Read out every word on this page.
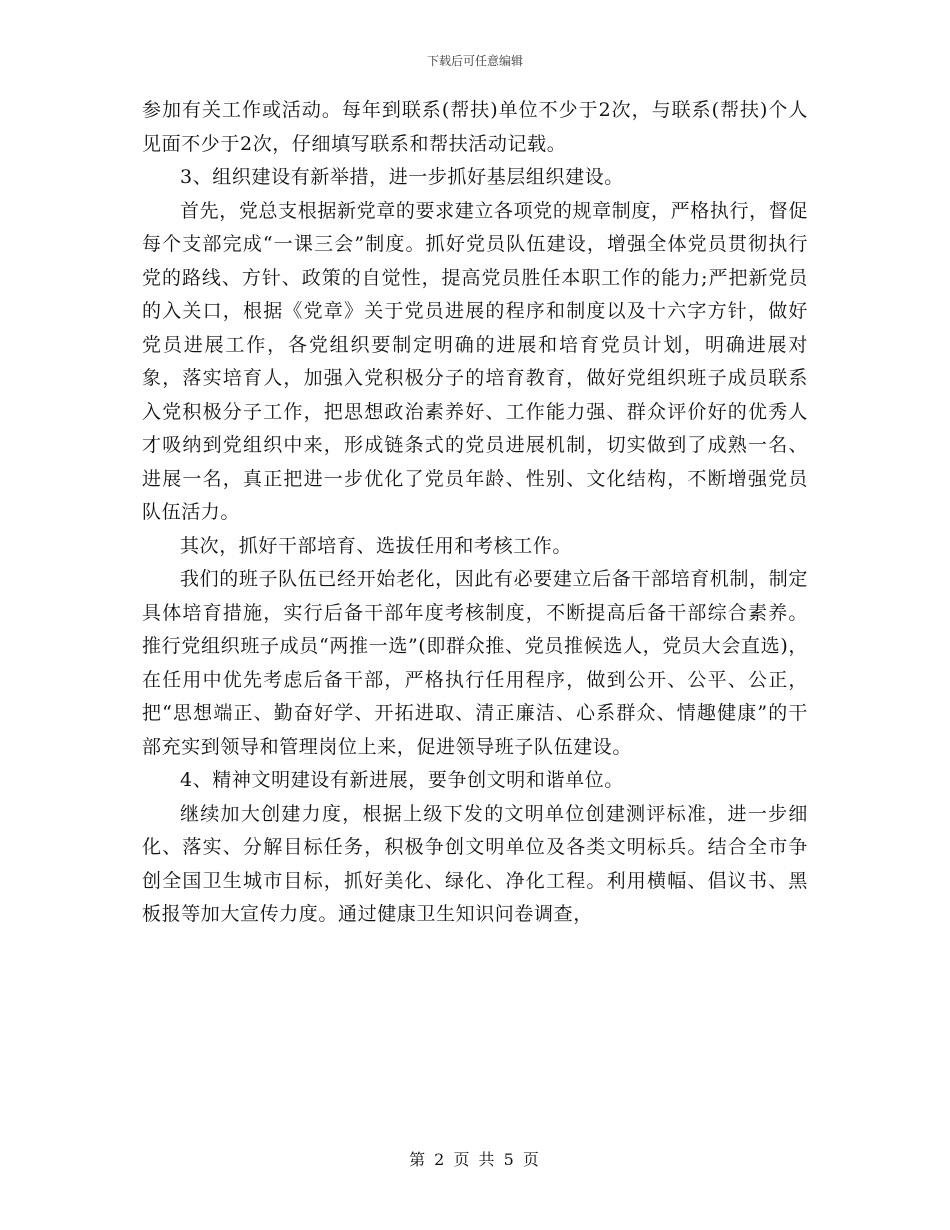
下载后可任意编辑

参加有关工作或活动。每年到联系(帮扶)单位不少于2次，与联系(帮扶)个人见面不少于2次，仔细填写联系和帮扶活动记载。

3、组织建设有新举措，进一步抓好基层组织建设。

首先，党总支根据新党章的要求建立各项党的规章制度，严格执行，督促每个支部完成“一课三会”制度。抓好党员队伍建设，增强全体党员贯彻执行党的路线、方针、政策的自觉性，提高党员胜任本职工作的能力;严把新党员的入关口，根据《党章》关于党员进展的程序和制度以及十六字方针，做好党员进展工作，各党组织要制定明确的进展和培育党员计划，明确进展对象，落实培育人，加强入党积极分子的培育教育，做好党组织班子成员联系入党积极分子工作，把思想政治素养好、工作能力强、群众评价好的优秀人才吸纳到党组织中来，形成链条式的党员进展机制，切实做到了成熟一名、进展一名，真正把进一步优化了党员年龄、性别、文化结构，不断增强党员队伍活力。

其次，抓好干部培育、选拔任用和考核工作。

我们的班子队伍已经开始老化，因此有必要建立后备干部培育机制，制定具体培育措施，实行后备干部年度考核制度，不断提高后备干部综合素养。推行党组织班子成员“两推一选”(即群众推、党员推候选人，党员大会直选)，在任用中优先考虑后备干部，严格执行任用程序，做到公开、公平、公正，把“思想端正、勤奋好学、开拓进取、清正廉洁、心系群众、情趣健康”的干部充实到领导和管理岗位上来，促进领导班子队伍建设。

4、精神文明建设有新进展，要争创文明和谐单位。

继续加大创建力度，根据上级下发的文明单位创建测评标准，进一步细化、落实、分解目标任务，积极争创文明单位及各类文明标兵。结合全市争创全国卫生城市目标，抓好美化、绿化、净化工程。利用横幅、倡议书、黑板报等加大宣传力度。通过健康卫生知识问卷调查，

第 2 页 共 5 页
